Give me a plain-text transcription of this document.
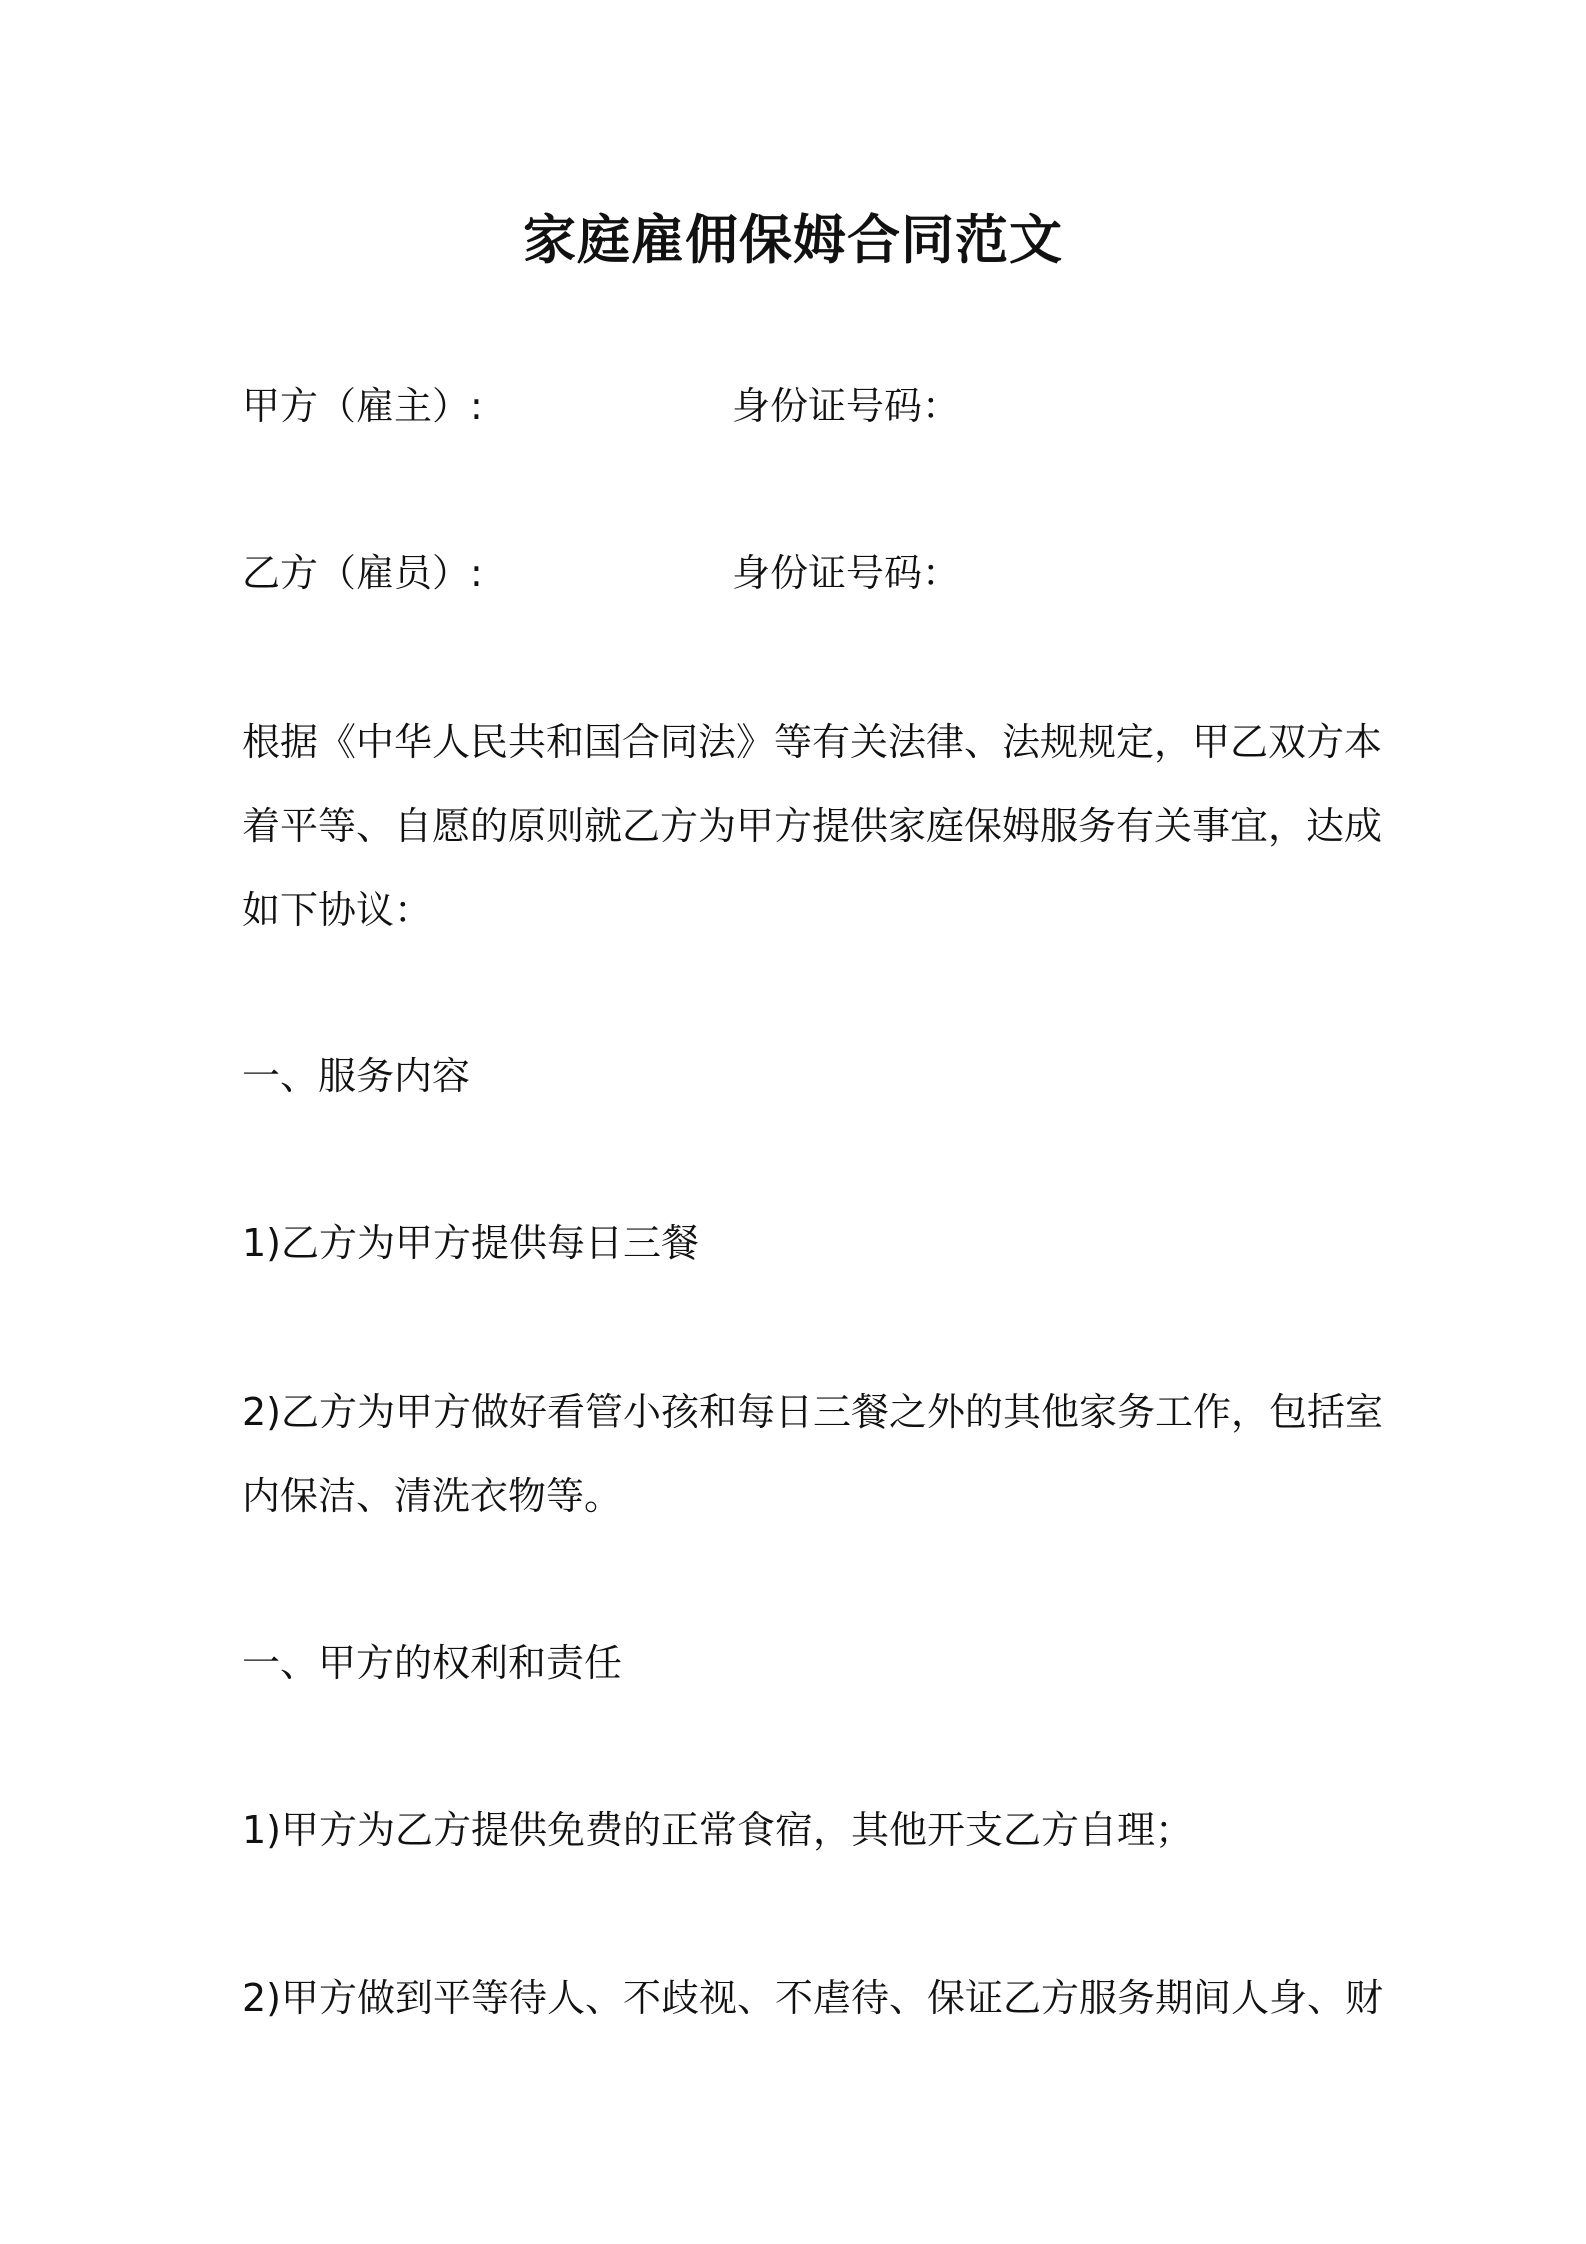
家庭雇佣保姆合同范文
甲方（雇主）:	身份证号码：
乙方（雇员）:	身份证号码：
根据《中华人民共和国合同法》等有关法律、法规规定，甲乙双方本
着平等、自愿的原则就乙方为甲方提供家庭保姆服务有关事宜，达成
如下协议：
一、服务内容
1)乙方为甲方提供每日三餐
2)乙方为甲方做好看管小孩和每日三餐之外的其他家务工作，包括室
内保洁、清洗衣物等。
一、甲方的权利和责任
1)甲方为乙方提供免费的正常食宿，其他开支乙方自理；
2)甲方做到平等待人、不歧视、不虐待、保证乙方服务期间人身、财
